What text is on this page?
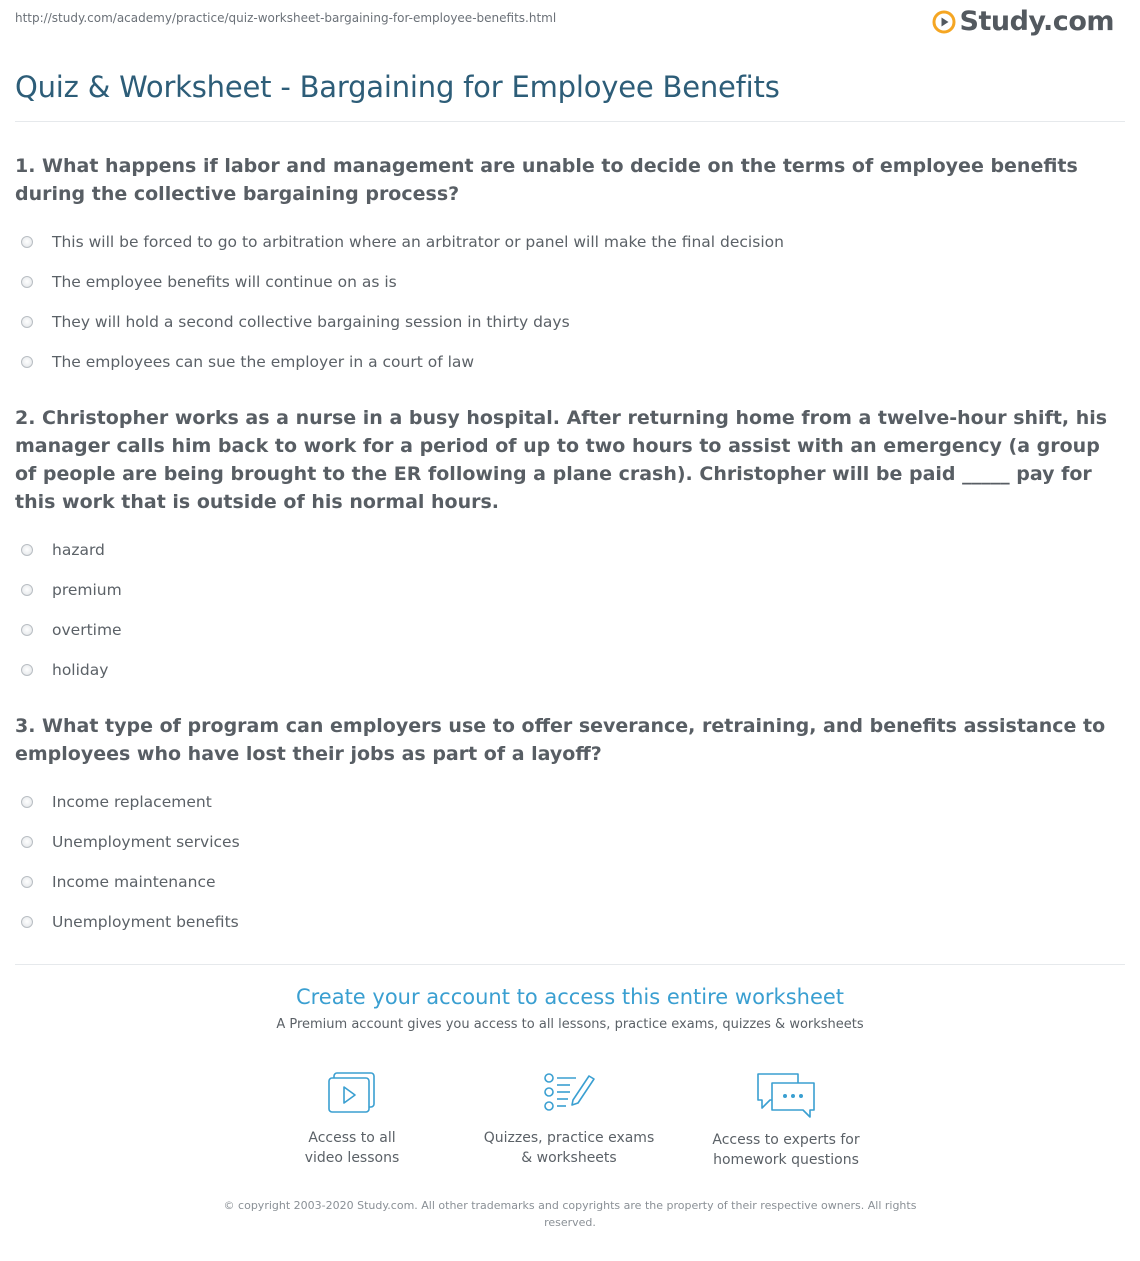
http://study.com/academy/practice/quiz-worksheet-bargaining-for-employee-benefits.html	Study.com
Quiz & Worksheet - Bargaining for Employee Benefits

1. What happens if labor and management are unable to decide on the terms of employee benefits during the collective bargaining process?

This will be forced to go to arbitration where an arbitrator or panel will make the final decision
The employee benefits will continue on as is
They will hold a second collective bargaining session in thirty days
The employees can sue the employer in a court of law

2. Christopher works as a nurse in a busy hospital. After returning home from a twelve-hour shift, his manager calls him back to work for a period of up to two hours to assist with an emergency (a group of people are being brought to the ER following a plane crash). Christopher will be paid _____ pay for this work that is outside of his normal hours.

hazard
premium
overtime
holiday

3. What type of program can employers use to offer severance, retraining, and benefits assistance to employees who have lost their jobs as part of a layoff?

Income replacement
Unemployment services
Income maintenance
Unemployment benefits
Create your account to access this entire worksheet
A Premium account gives you access to all lessons, practice exams, quizzes & worksheets
Access to all
video lessons
Quizzes, practice exams
& worksheets
Access to experts for
homework questions
© copyright 2003-2020 Study.com. All other trademarks and copyrights are the property of their respective owners. All rights reserved.
